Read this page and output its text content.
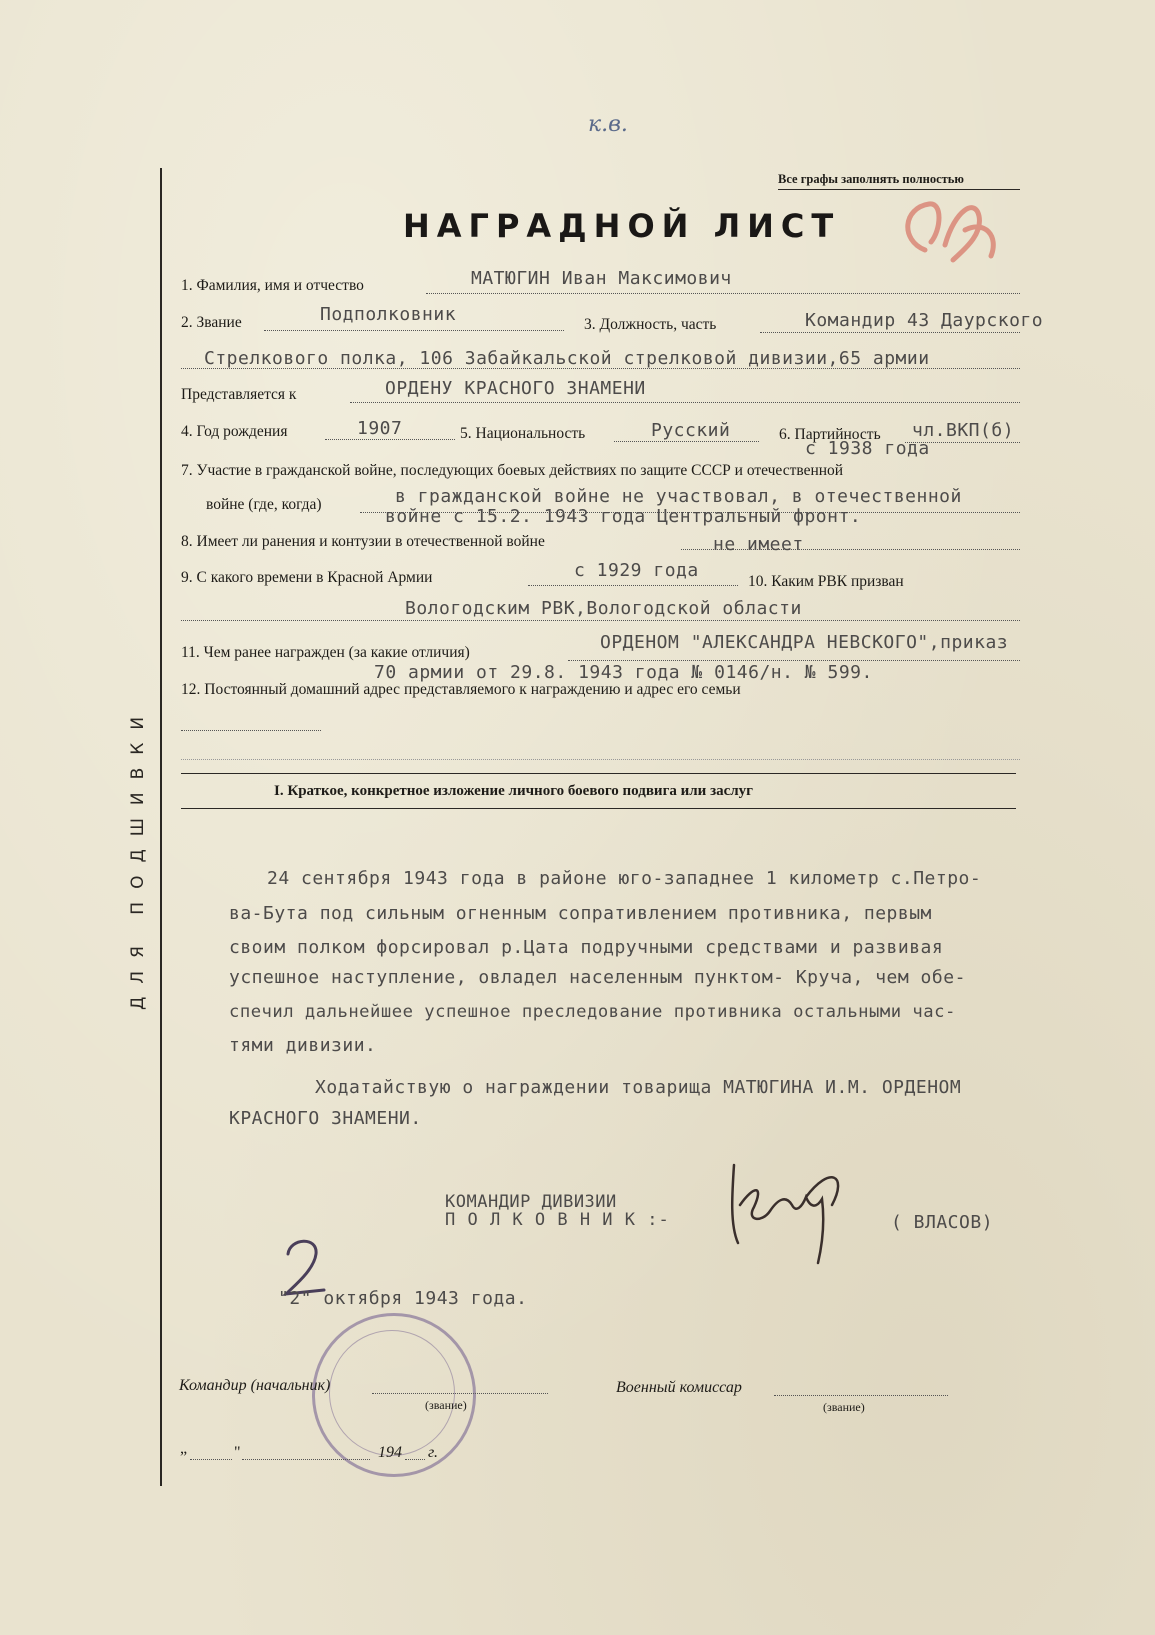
к.в.
ДЛЯ ПОДШИВКИ
Все графы заполнять полностью
НАГРАДНОЙ ЛИСТ
1. Фамилия, имя и отчество	МАТЮГИН Иван Максимович
2. Звание	Подполковник	3. Должность, часть	Командир 43 Даурского
Стрелкового полка, 106 Забайкальской стрелковой дивизии,65 армии
Представляется к	ОРДЕНУ КРАСНОГО ЗНАМЕНИ
4. Год рождения	1907	5. Национальность	Русский	6. Партийность чл.ВКП(б)
с 1938 года
7. Участие в гражданской войне, последующих боевых действиях по защите СССР и отечественной
войне (где, когда)	в гражданской войне не участвовал, в отечественной
войне с 15.2. 1943 года Центральный фронт.
8. Имеет ли ранения и контузии в отечественной войне	не имеет
9. С какого времени в Красной Армии	с 1929 года
10. Каким РВК призван
Вологодским РВК,Вологодской области
11. Чем ранее награжден (за какие отличия)	ОРДЕНОМ "АЛЕКСАНДРА НЕВСКОГО",приказ
70 армии от 29.8. 1943 года № 0146/н. № 599.
12. Постоянный домашний адрес представляемого к награждению и адрес его семьи
I. Краткое, конкретное изложение личного боевого подвига или заслуг
24 сентября 1943 года в районе юго-западнее 1 километр с.Петро-
ва-Бута под сильным огненным сопративлением противника, первым
своим полком форсировал р.Цата подручными средствами и развивая
успешное наступление, овладел населенным пунктом- Круча, чем обе-
спечил дальнейшее успешное преследование противника остальными час-
тями дивизии.
Ходатайствую о награждении товарища МАТЮГИНА И.М. ОРДЕНОМ
КРАСНОГО ЗНАМЕНИ.
КОМАНДИР ДИВИЗИИ
П О Л К О В Н И К :-	( ВЛАСОВ)
"2" октября 1943 года.
Командир (начальник)
(звание)
Военный комиссар
(звание)
„	"	194 г.
